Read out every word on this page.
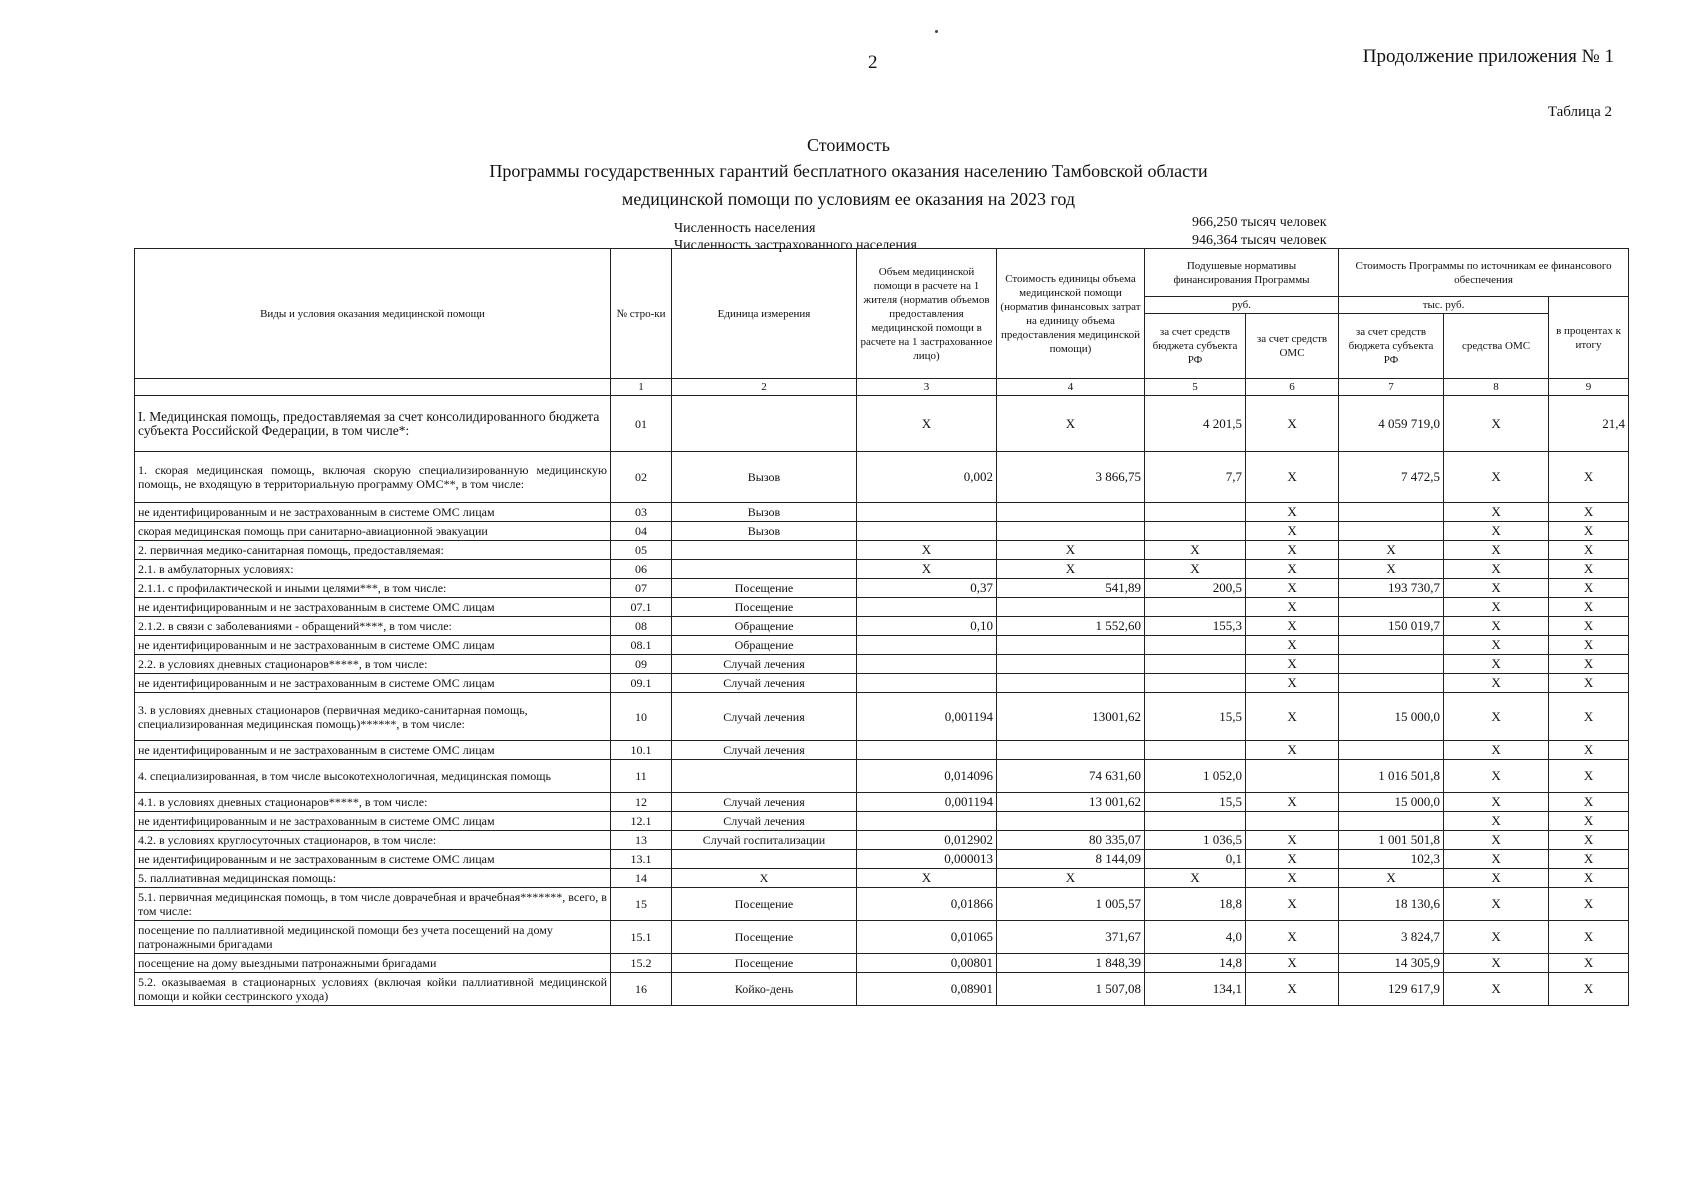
2	Продолжение приложения № 1
Таблица 2
Стоимость
Программы государственных гарантий бесплатного оказания населению Тамбовской области
медицинской помощи по условиям ее оказания на 2023 год
Численность населения
Численность застрахованного населения
966,250 тысяч человек
946,364 тысяч человек
Виды и условия оказания медицинской помощи	№ стро-ки	Единица измерения	Объем медицинской помощи в расчете на 1 жителя (норматив объемов предоставления медицинской помощи в расчете на 1 застрахованное лицо)	Стоимость единицы объема медицинской помощи (норматив финансовых затрат на единицу объема предоставления медицинской помощи)	Подушевые нормативы финансирования Программы		Стоимость Программы по источникам ее финансового обеспечения		
					руб.		тыс. руб.		в процентах к итогу
					за счет средств бюджета субъекта РФ	за счет средств ОМС	за счет средств бюджета субъекта РФ	средства ОМС	
	1	2	3	4	5	6	7	8	9
I. Медицинская помощь, предоставляемая за счет консолидированного бюджета субъекта Российской Федерации, в том числе*:	01		X	X	4 201,5	X	4 059 719,0	X	21,4
1. скорая медицинская помощь, включая скорую специализированную медицинскую помощь, не входящую в территориальную программу ОМС**, в том числе:	02	Вызов	0,002	3 866,75	7,7	X	7 472,5	X	X
не идентифицированным и не застрахованным в системе ОМС лицам	03	Вызов				X		X	X
скорая медицинская помощь при санитарно-авиационной эвакуации	04	Вызов				X		X	X
2. первичная медико-санитарная помощь, предоставляемая:	05		X	X	X	X	X	X	X
2.1. в амбулаторных условиях:	06		X	X	X	X	X	X	X
2.1.1. с профилактической и иными целями***, в том числе:	07	Посещение	0,37	541,89	200,5	X	193 730,7	X	X
не идентифицированным и не застрахованным в системе ОМС лицам	07.1	Посещение				X		X	X
2.1.2. в связи с заболеваниями - обращений****, в том числе:	08	Обращение	0,10	1 552,60	155,3	X	150 019,7	X	X
не идентифицированным и не застрахованным в системе ОМС лицам	08.1	Обращение				X		X	X
2.2. в условиях дневных стационаров*****, в том числе:	09	Случай лечения				X		X	X
не идентифицированным и не застрахованным в системе ОМС лицам	09.1	Случай лечения				X		X	X
3. в условиях дневных стационаров (первичная медико-санитарная помощь, специализированная медицинская помощь)******, в том числе:	10	Случай лечения	0,001194	13001,62	15,5	X	15 000,0	X	X
не идентифицированным и не застрахованным в системе ОМС лицам	10.1	Случай лечения				X		X	X
4. специализированная, в том числе высокотехнологичная, медицинская помощь	11		0,014096	74 631,60	1 052,0		1 016 501,8	X	X
4.1. в условиях дневных стационаров*****, в том числе:	12	Случай лечения	0,001194	13 001,62	15,5	X	15 000,0	X	X
не идентифицированным и не застрахованным в системе ОМС лицам	12.1	Случай лечения						X	X
4.2. в условиях круглосуточных стационаров, в том числе:	13	Случай госпитализации	0,012902	80 335,07	1 036,5	X	1 001 501,8	X	X
не идентифицированным и не застрахованным в системе ОМС лицам	13.1		0,000013	8 144,09	0,1	X	102,3	X	X
5. паллиативная медицинская помощь:	14	X	X	X	X	X	X	X	X
5.1. первичная медицинская помощь, в том числе доврачебная и врачебная*******, всего, в том числе:	15	Посещение	0,01866	1 005,57	18,8	X	18 130,6	X	X
посещение по паллиативной медицинской помощи без учета посещений на дому патронажными бригадами	15.1	Посещение	0,01065	371,67	4,0	X	3 824,7	X	X
посещение на дому выездными патронажными бригадами	15.2	Посещение	0,00801	1 848,39	14,8	X	14 305,9	X	X
5.2. оказываемая в стационарных условиях (включая койки паллиативной медицинской помощи и койки сестринского ухода)	16	Койко-день	0,08901	1 507,08	134,1	X	129 617,9	X	X
